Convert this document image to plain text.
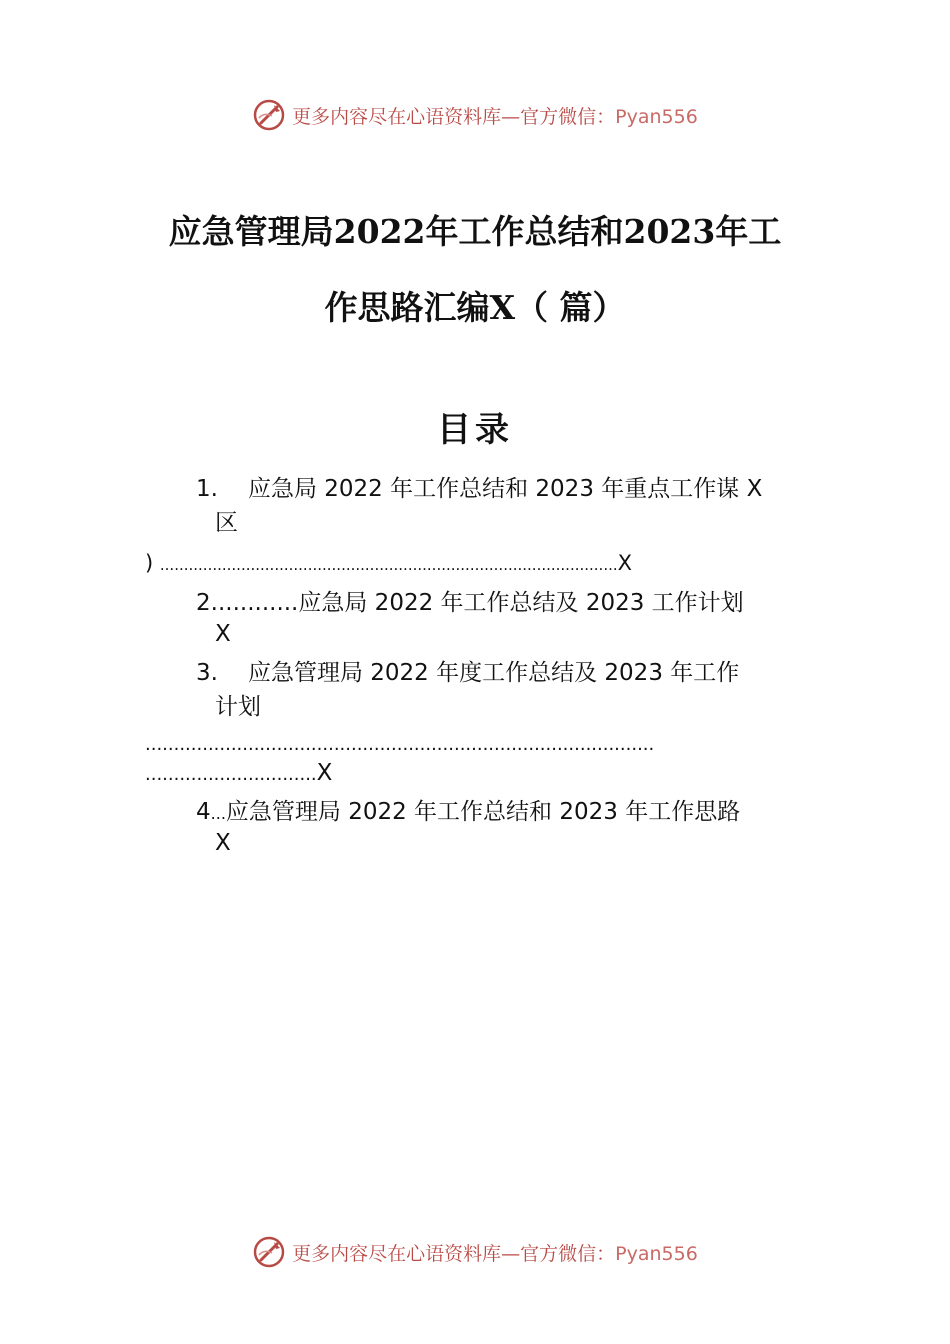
更多内容尽在心语资料库—官方微信：Pyan556
应急管理局2022年工作总结和2023年工
作思路汇编X（ 篇）
目录
1. 应急局 2022 年工作总结和 2023 年重点工作谋 X
区
) ................................................................................................X
2............应急局 2022 年工作总结及 2023 工作计划
X
3. 应急管理局 2022 年度工作总结及 2023 年工作
计划
.........................................................................................
..............................X
4...应急管理局 2022 年工作总结和 2023 年工作思路
X
更多内容尽在心语资料库—官方微信：Pyan556
